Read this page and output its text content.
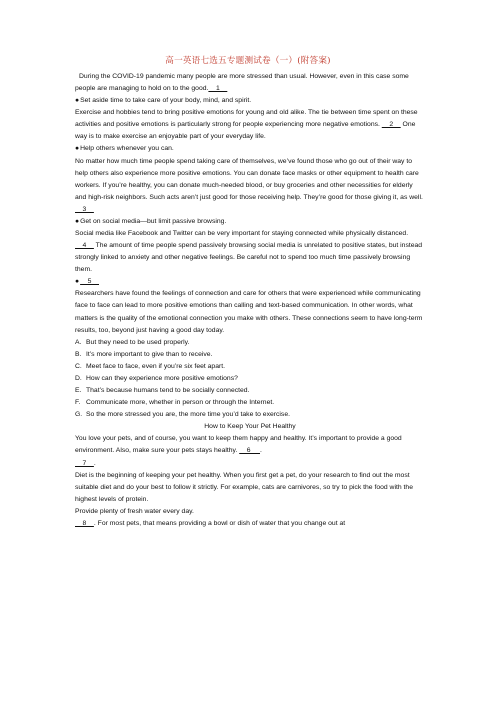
高一英语七选五专题测试卷（一）(附答案)

During the COVID-19 pandemic many people are more stressed than usual. However, even in this case some people are managing to hold on to the good.    1

● Set aside time to take care of your body, mind, and spirit.

Exercise and hobbies tend to bring positive emotions for young and old alike. The tie between time spent on these activities and positive emotions is particularly strong for people experiencing more negative emotions.     2     One way is to make exercise an enjoyable part of your everyday life.

● Help others whenever you can.

No matter how much time people spend taking care of themselves, we’ve found those who go out of their way to help others also experience more positive emotions. You can donate face masks or other equipment to health care workers. If you’re healthy, you can donate much-needed blood, or buy groceries and other necessities for elderly and high-risk neighbors. Such acts aren’t just good for those receiving help. They’re good for those giving it, as well.     3

● Get on social media—but limit passive browsing.

Social media like Facebook and Twitter can be very important for staying connected while physically distanced.    4     The amount of time people spend passively browsing social media is unrelated to positive states, but instead strongly linked to anxiety and other negative feelings. Be careful not to spend too much time passively browsing them.

●     5

Researchers have found the feelings of connection and care for others that were experienced while communicating face to face can lead to more positive emotions than calling and text-based communication. In other words, what matters is the quality of the emotional connection you make with others. These connections seem to have long-term results, too, beyond just having a good day today.

A. But they need to be used properly.

B. It’s more important to give than to receive.

C. Meet face to face, even if you’re six feet apart.

D. How can they experience more positive emotions?

E. That’s because humans tend to be socially connected.

F. Communicate more, whether in person or through the Internet.

G. So the more stressed you are, the more time you’d take to exercise.

How to Keep Your Pet Healthy

You love your pets, and of course, you want to keep them happy and healthy. It’s important to provide a good environment. Also, make sure your pets stays healthy.     6     .

7    .

Diet is the beginning of keeping your pet healthy. When you first get a pet, do your research to find out the most suitable diet and do your best to follow it strictly. For example, cats are carnivores, so try to pick the food with the highest levels of protein.

Provide plenty of fresh water every day.

8    . For most pets, that means providing a bowl or dish of water that you change out at
